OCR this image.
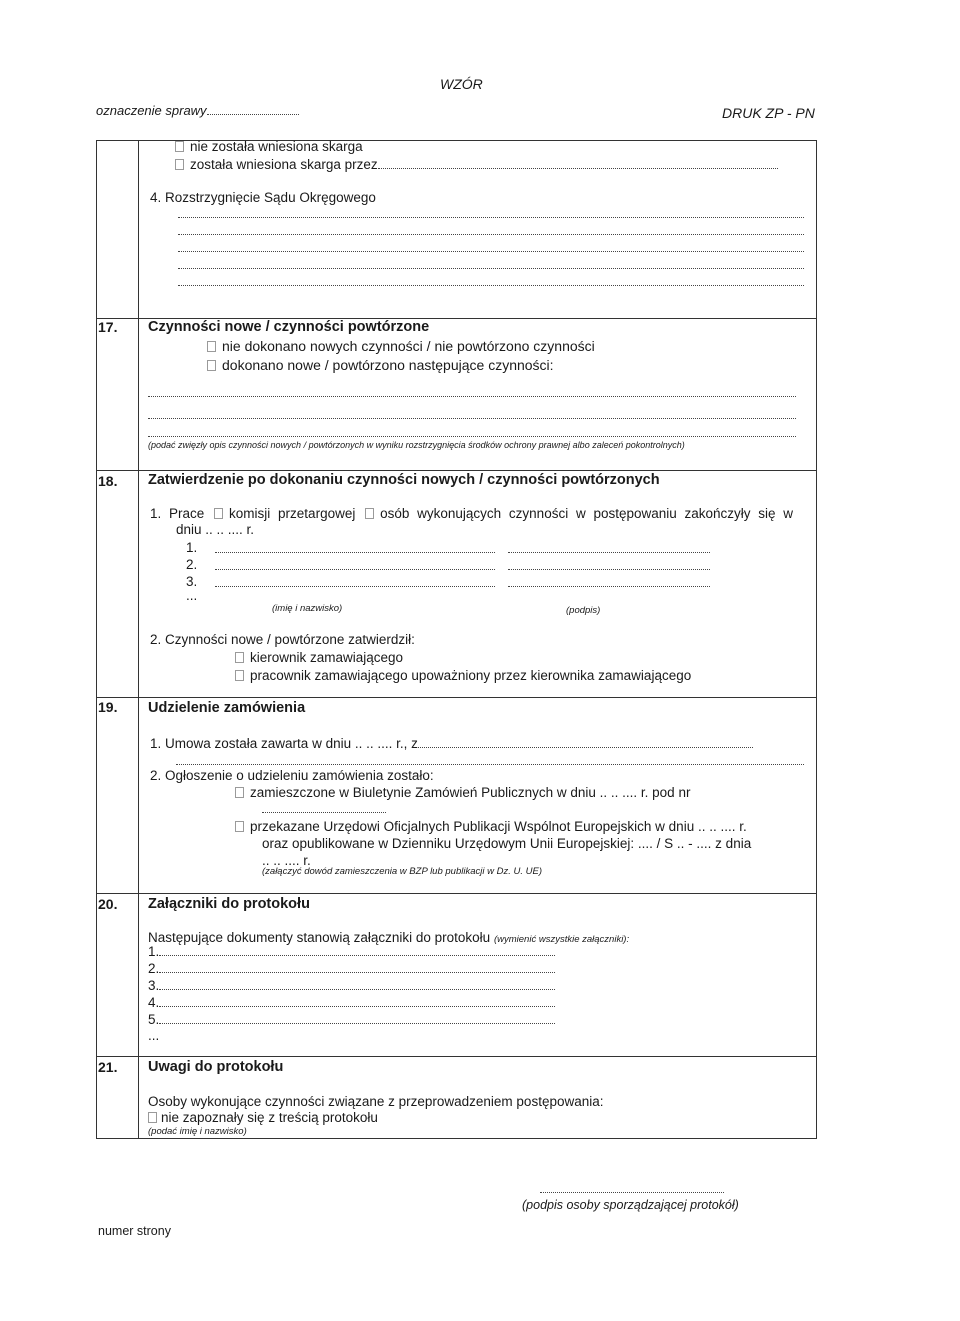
WZÓR
oznaczenie sprawy	DRUK ZP - PN
nie została wniesiona skarga
została wniesiona skarga przez
4. Rozstrzygnięcie Sądu Okręgowego
17.	Czynności nowe / czynności powtórzone
nie dokonano nowych czynności / nie powtórzono czynności
dokonano nowe / powtórzono następujące czynności:
(podać zwięzły opis czynności nowych / powtórzonych w wyniku rozstrzygnięcia środków ochrony prawnej albo zaleceń pokontrolnych)
18.	Zatwierdzenie po dokonaniu czynności nowych / czynności powtórzonych
1. Prace komisji przetargowej osób wykonujących czynności w postępowaniu zakończyły się w
dniu .. .. .... r.
1.
2.
3.
...
(imię i nazwisko)	(podpis)
2. Czynności nowe / powtórzone zatwierdził:
kierownik zamawiającego
pracownik zamawiającego upoważniony przez kierownika zamawiającego
19.	Udzielenie zamówienia
1. Umowa została zawarta w dniu .. .. .... r., z
2. Ogłoszenie o udzieleniu zamówienia zostało:
zamieszczone w Biuletynie Zamówień Publicznych w dniu .. .. .... r. pod nr
przekazane Urzędowi Oficjalnych Publikacji Wspólnot Europejskich w dniu .. .. .... r.
oraz opublikowane w Dzienniku Urzędowym Unii Europejskiej: .... / S .. - .... z dnia
.. .. .... r.
(załączyć dowód zamieszczenia w BZP lub publikacji w Dz. U. UE)
20.	Załączniki do protokołu
Następujące dokumenty stanowią załączniki do protokołu (wymienić wszystkie załączniki):
1.
2.
3.
4.
5.
...
21.	Uwagi do protokołu
Osoby wykonujące czynności związane z przeprowadzeniem postępowania:
nie zapoznały się z treścią protokołu
(podać imię i nazwisko)
(podpis osoby sporządzającej protokół)
numer strony
